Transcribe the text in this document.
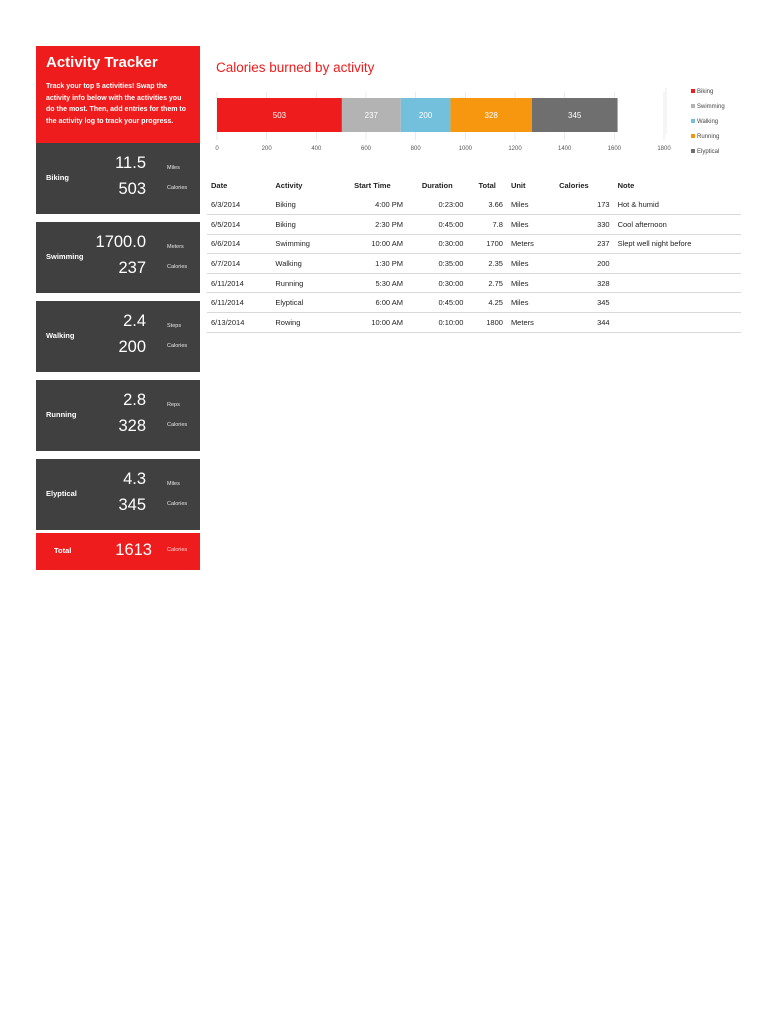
Activity Tracker
Track your top 5 activities! Swap the activity info below with the activities you do the most. Then, add entries for them to the activity log to track your progress.
Biking
11.5	Miles
503	Calories
Swimming
1700.0	Meters
237	Calories
Walking
2.4	Steps
200	Calories
Running
2.8	Reps
328	Calories
Elyptical
4.3	Miles
345	Calories
Total	1613	Calories
Calories burned by activity
0	200	400	600	800	1000	1200	1400	1600	1800
503	237	200	328	345
Biking
Swimming
Walking
Running
Elyptical
Date	Activity	Start Time	Duration	Total	Unit	Calories	Note
6/3/2014	Biking	4:00 PM	0:23:00	3.66	Miles	173	Hot & humid
6/5/2014	Biking	2:30 PM	0:45:00	7.8	Miles	330	Cool afternoon
6/6/2014	Swimming	10:00 AM	0:30:00	1700	Meters	237	Slept well night before
6/7/2014	Walking	1:30 PM	0:35:00	2.35	Miles	200	
6/11/2014	Running	5:30 AM	0:30:00	2.75	Miles	328	
6/11/2014	Elyptical	6:00 AM	0:45:00	4.25	Miles	345	
6/13/2014	Rowing	10:00 AM	0:10:00	1800	Meters	344	
